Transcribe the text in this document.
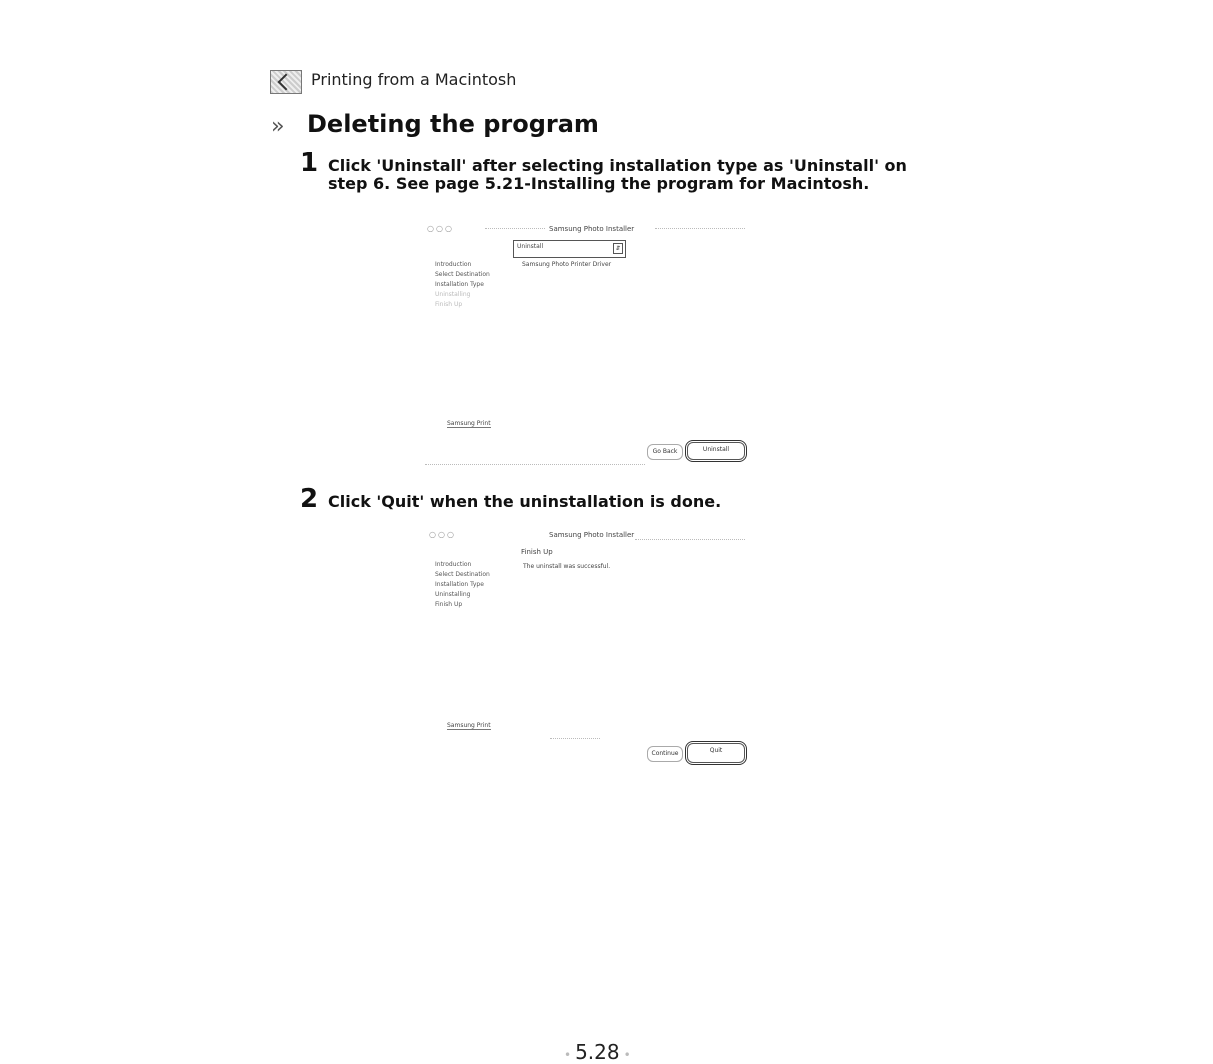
Printing from a Macintosh
›› Deleting the program
1 Click 'Uninstall' after selecting installation type as 'Uninstall' on step 6. See page 5.21-Installing the program for Macintosh.
○○○	Samsung Photo Installer
Uninstall	⇵
Samsung Photo Printer Driver
Introduction
Select Destination
Installation Type
Uninstalling
Finish Up
Samsung Print
Go Back	Uninstall
2 Click 'Quit' when the uninstallation is done.
○○○	Samsung Photo Installer
Finish Up
The uninstall was successful.
Introduction
Select Destination
Installation Type
Uninstalling
Finish Up
Samsung Print
Continue	Quit
• 5.28 •
